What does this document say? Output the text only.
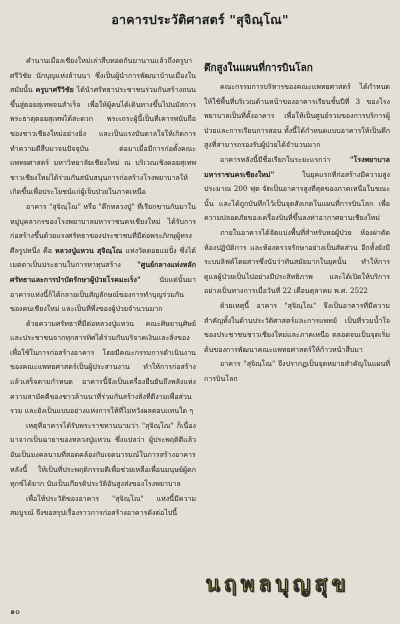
อาคารประวัติศาสตร์ "สุจิณฺโณ"

คำนานเมืองเชียงใหม่เล่าสืบทอดกันมานานแล้วถึงครูบาศรีวิชัย นักบุญแห่งล้านนา ซึ่งเป็นผู้นำการพัฒนาบ้านเมืองในสมัยนั้น ครูบาศรีวิชัย ได้นำศรัทธาประชาชนร่วมกันสร้างถนนขึ้นสู่ดอยสุเทพจนสำเร็จ เพื่อให้ผู้คนได้เดินทางขึ้นไปนมัสการพระธาตุดอยสุเทพได้สะดวก พระเถระผู้นี้เป็นที่เคารพนับถือของชาวเชียงใหม่อย่างยิ่ง และเป็นแรงบันดาลใจให้เกิดการทำความดีสืบมาจนปัจจุบัน ต่อมาเมื่อมีการก่อตั้งคณะแพทยศาสตร์ มหาวิทยาลัยเชียงใหม่ ณ บริเวณเชิงดอยสุเทพ ชาวเชียงใหม่ได้ร่วมกันสนับสนุนการก่อสร้างโรงพยาบาลให้เกิดขึ้นเพื่อประโยชน์แก่ผู้เจ็บป่วยในภาคเหนือ

อาคาร "สุจิณฺโณ" หรือ "ตึกหลวงปู่" ที่เรียกขานกันมาในหมู่บุคลากรของโรงพยาบาลมหาราชนครเชียงใหม่ ได้รับการก่อสร้างขึ้นด้วยแรงศรัทธาของประชาชนที่มีต่อพระภิกษุผู้ทรงศีลรูปหนึ่ง คือ หลวงปู่แหวน สุจิณฺโณ แห่งวัดดอยแม่ปั๋ง ซึ่งได้เมตตาเป็นประธานในการหาทุนสร้าง "ศูนย์กลางแห่งหลักศรัทธาและการบำบัดรักษาผู้ป่วยโรคมะเร็ง" นับแต่นั้นมาอาคารแห่งนี้ก็ได้กลายเป็นสัญลักษณ์ของการทำบุญร่วมกันของคนเชียงใหม่ และเป็นที่พึ่งของผู้ป่วยจำนวนมาก

ด้วยความศรัทธาที่มีต่อหลวงปู่แหวน คณะศิษยานุศิษย์และประชาชนจากทุกสารทิศได้ร่วมกันบริจาคเงินและสิ่งของเพื่อใช้ในการก่อสร้างอาคาร โดยมีคณะกรรมการดำเนินงานของคณะแพทยศาสตร์เป็นผู้ประสานงาน ทำให้การก่อสร้างแล้วเสร็จตามกำหนด อาคารนี้จึงเป็นเครื่องยืนยันถึงพลังแห่งความสามัคคีของชาวล้านนาที่ร่วมกันสร้างสิ่งที่ดีงามเพื่อส่วนรวม และยังเป็นแบบอย่างแห่งการให้ที่ไม่หวังผลตอบแทนใด ๆ

เหตุที่อาคารได้รับพระราชทานนามว่า "สุจิณฺโณ" ก็เนื่องมาจากเป็นฉายาของหลวงปู่แหวน ซึ่งแปลว่า ผู้ประพฤติดีแล้ว อันเป็นมงคลนามที่สอดคล้องกับเจตนารมณ์ในการสร้างอาคารหลังนี้ ให้เป็นที่ประพฤติกรรมดีเพื่อช่วยเหลือเพื่อนมนุษย์ผู้ตกทุกข์ได้ยาก นับเป็นเกียรติประวัติอันสูงส่งของโรงพยาบาล

เพื่อให้ประวัติของอาคาร "สุจิณฺโณ" แห่งนี้มีความสมบูรณ์ จึงขอสรุปเรื่องราวการก่อสร้างอาคารดังต่อไปนี้

ตึกสูงในแผนที่การบินโลก

คณะกรรมการบริหารของคณะแพทยศาสตร์ ได้กำหนดให้ใช้พื้นที่บริเวณด้านหน้าของอาคารเรียนชั้นปีที่ 3 ของโรงพยาบาลเป็นที่ตั้งอาคาร เพื่อให้เป็นศูนย์รวมของการบริการผู้ป่วยและการเรียนการสอน ทั้งนี้ได้กำหนดแบบอาคารให้เป็นตึกสูงที่สามารถรองรับผู้ป่วยได้จำนวนมาก

อาคารหลังนี้มีชื่อเรียกในระยะแรกว่า "โรงพยาบาลมหาราชนครเชียงใหม่" ในยุคแรกที่ก่อสร้างมีความสูงประมาณ 200 ฟุต จัดเป็นอาคารสูงที่สุดของภาคเหนือในขณะนั้น และได้ถูกบันทึกไว้เป็นจุดสังเกตในแผนที่การบินโลก เพื่อความปลอดภัยของเครื่องบินที่ขึ้นลงท่าอากาศยานเชียงใหม่

ภายในอาคารได้จัดแบ่งพื้นที่สำหรับหอผู้ป่วย ห้องผ่าตัด ห้องปฏิบัติการ และห้องตรวจรักษาอย่างเป็นสัดส่วน อีกทั้งยังมีระบบลิฟต์โดยสารซึ่งนับว่าทันสมัยมากในยุคนั้น ทำให้การดูแลผู้ป่วยเป็นไปอย่างมีประสิทธิภาพ และได้เปิดให้บริการอย่างเป็นทางการเมื่อวันที่ 22 เดือนตุลาคม พ.ศ. 2522

ด้วยเหตุนี้ อาคาร "สุจิณฺโณ" จึงเป็นอาคารที่มีความสำคัญทั้งในด้านประวัติศาสตร์และการแพทย์ เป็นที่รวมน้ำใจของประชาชนชาวเชียงใหม่และภาคเหนือ ตลอดจนเป็นจุดเริ่มต้นของการพัฒนาคณะแพทยศาสตร์ให้ก้าวหน้าสืบมา

อาคาร "สุจิณฺโณ" จึงปรากฏเป็นจุดหมายสำคัญในแผนที่การบินโลก

๑๐
นฤพลบุญสุข
